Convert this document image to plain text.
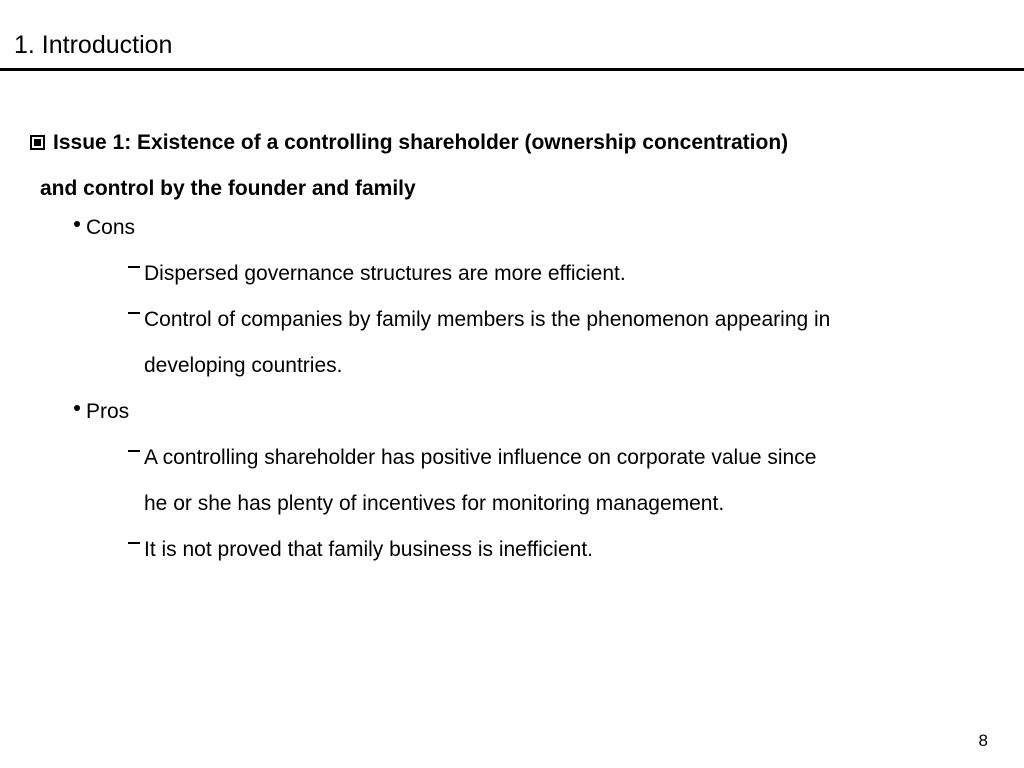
1. Introduction
Issue 1: Existence of a controlling shareholder (ownership concentration)
and control by the founder and family
Cons
Dispersed governance structures are more efficient.
Control of companies by family members is the phenomenon appearing in
developing countries.
Pros
A controlling shareholder has positive influence on corporate value since
he or she has plenty of incentives for monitoring management.
It is not proved that family business is inefficient.
8
